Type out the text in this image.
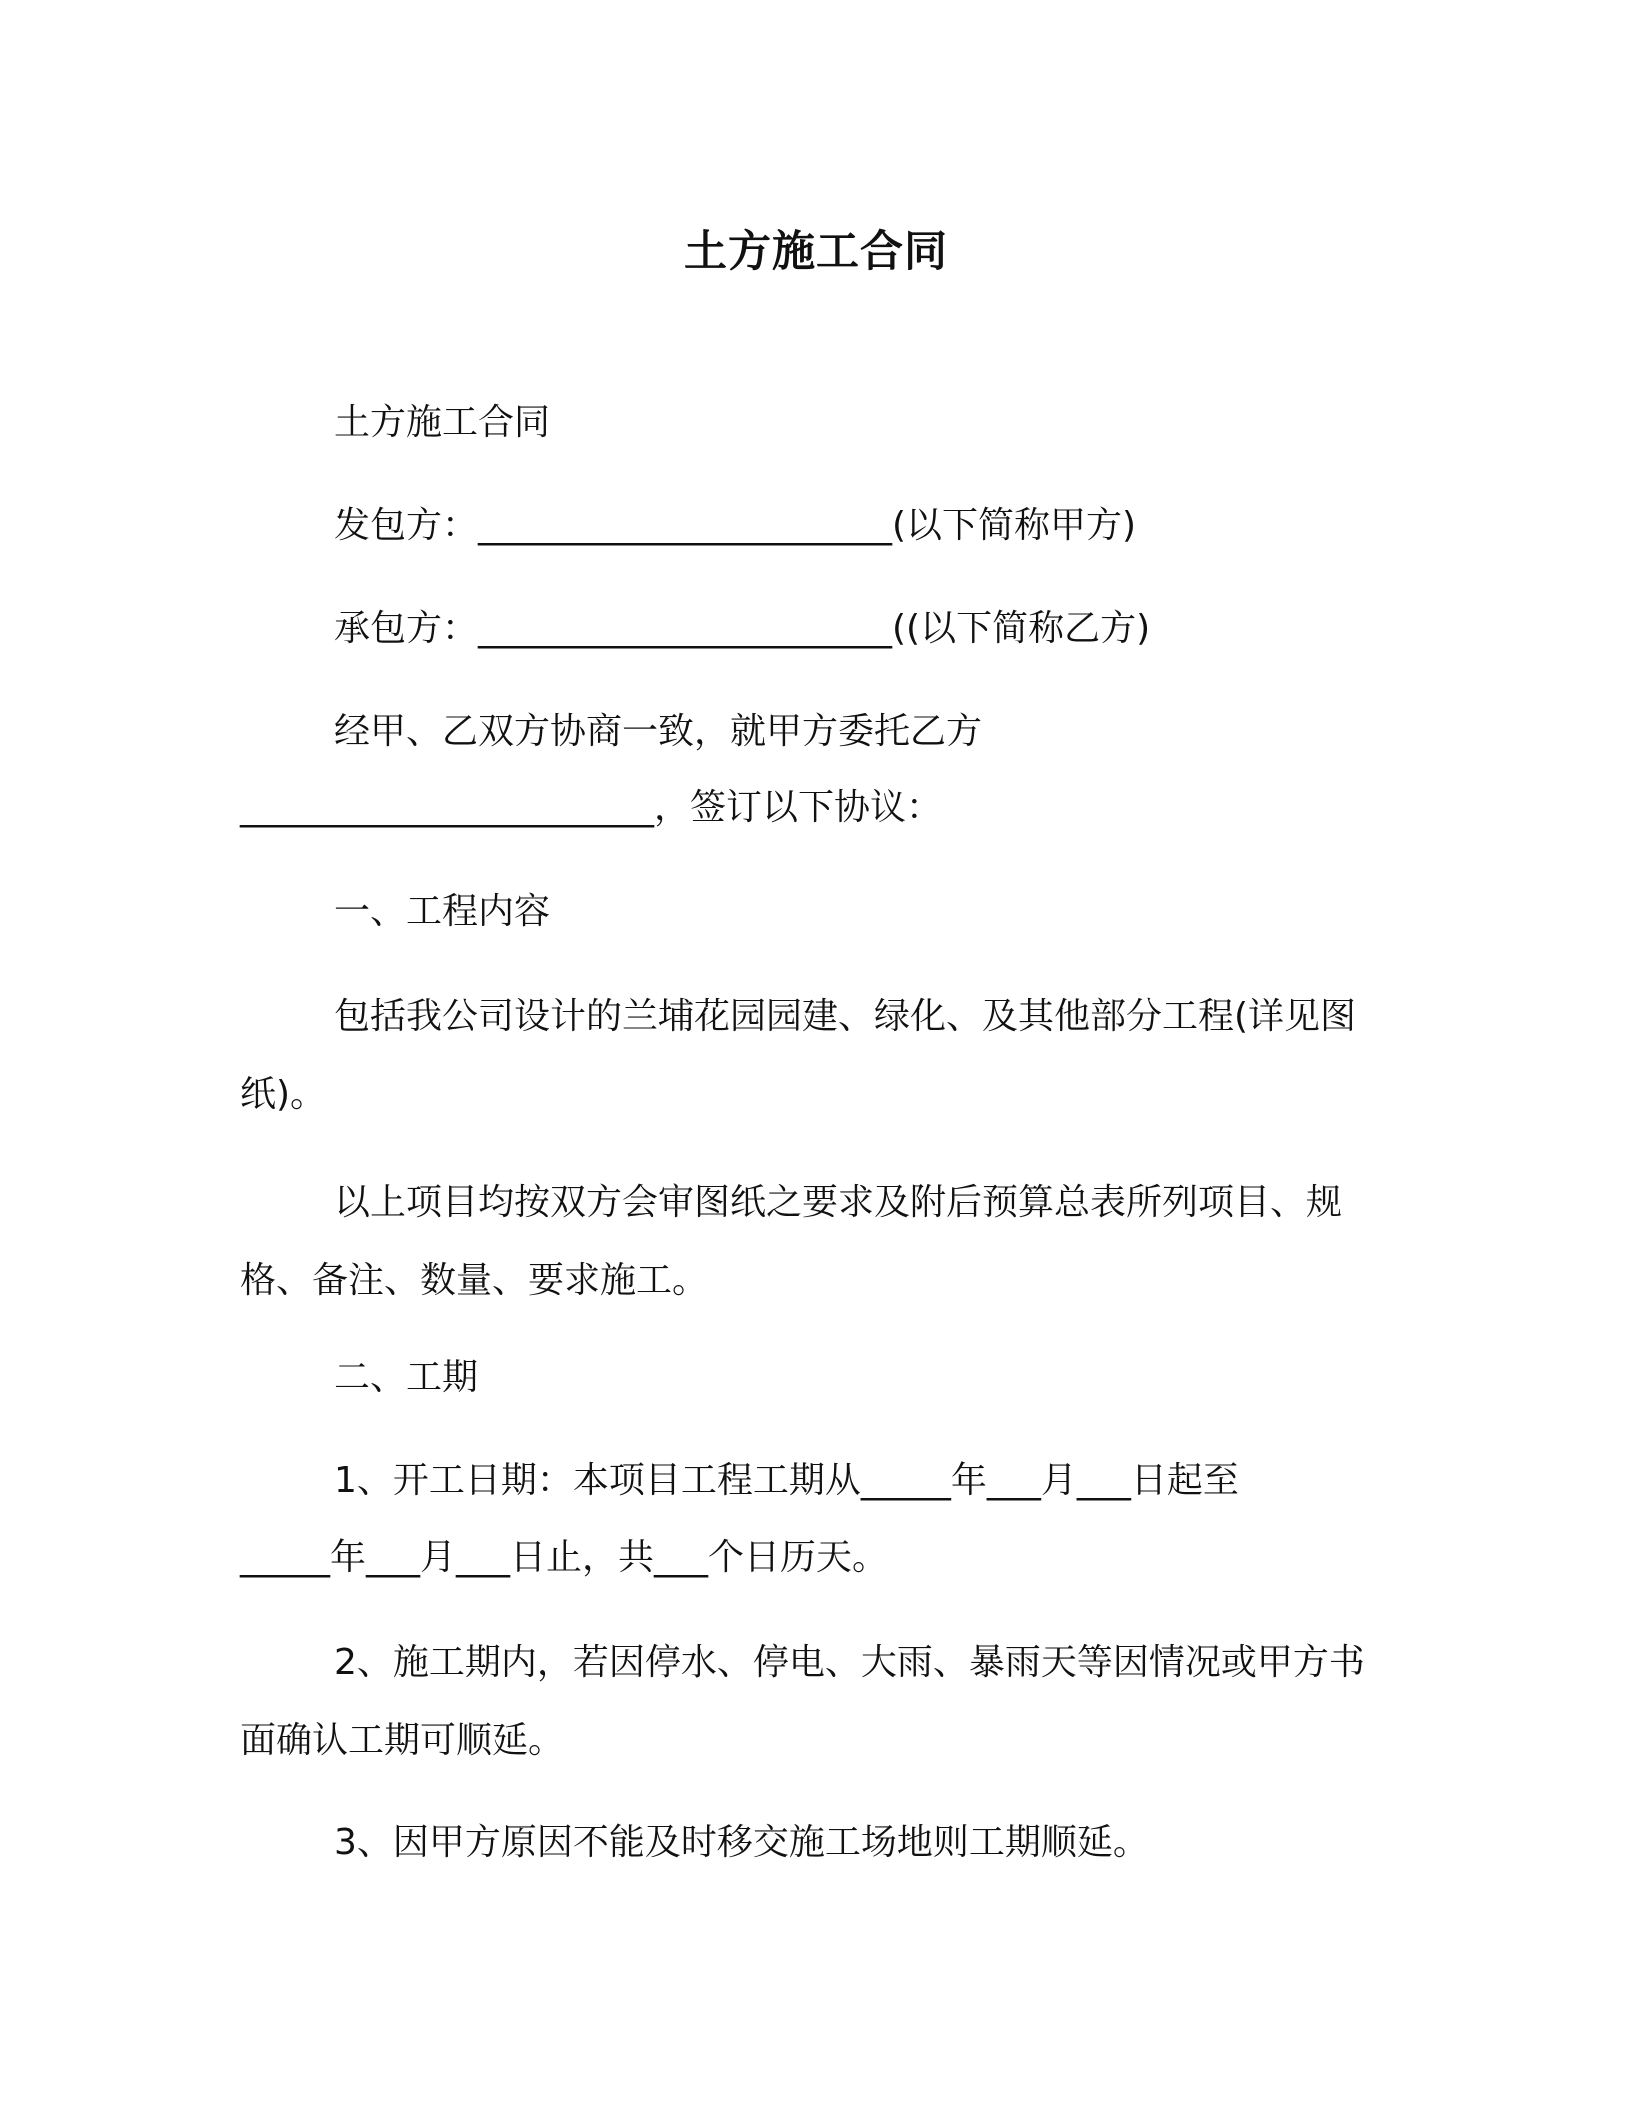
土方施工合同
土方施工合同
发包方：_______________________(以下简称甲方)
承包方：_______________________((以下简称乙方)
经甲、乙双方协商一致，就甲方委托乙方
_______________________，签订以下协议：
一、工程内容
包括我公司设计的兰埔花园园建、绿化、及其他部分工程(详见图纸)。
以上项目均按双方会审图纸之要求及附后预算总表所列项目、规格、备注、数量、要求施工。
二、工期
1、开工日期：本项目工程工期从_____年___月___日起至
_____年___月___日止，共___个日历天。
2、施工期内，若因停水、停电、大雨、暴雨天等因情况或甲方书面确认工期可顺延。
3、因甲方原因不能及时移交施工场地则工期顺延。
